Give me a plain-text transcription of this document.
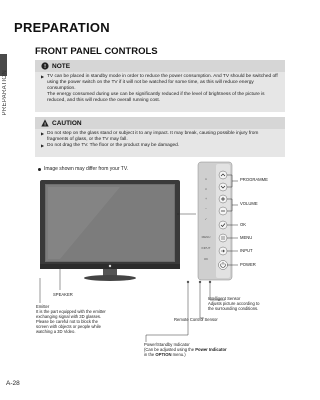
PREPARATION
PREPARATION
FRONT PANEL CONTROLS
! NOTE
▶ TV can be placed in standby mode in order to reduce the power consumption. And TV should be switched off using the power switch on the TV if it will not be watched for some time, as this will reduce energy consumption.
The energy consumed during use can be significantly reduced if the level of brightness of the picture is reduced, and this will reduce the overall running cost.
! CAUTION
▶ Do not step on the glass stand or subject it to any impact. It may break, causing possible injury from fragments of glass, or the TV may fall.
▶ Do not drag the TV. The floor or the product may be damaged.
Image shown may differ from your TV.
∧
∨
+
−
✓
MENU
INPUT
OK
PROGRAMME
VOLUME
OK
MENU
INPUT
POWER
SPEAKER
Emitter
It is the part equipped with the emitter
exchanging signal with 3D glasses.
Please be careful not to block the
screen with objects or people while
watching a 3D Video.
Intelligent Sensor
Adjusts picture according to
the surrounding conditions.
Remote Control Sensor
Power/Standby Indicator
(Can be adjusted using the Power Indicator
in the OPTION menu.)
A-28
